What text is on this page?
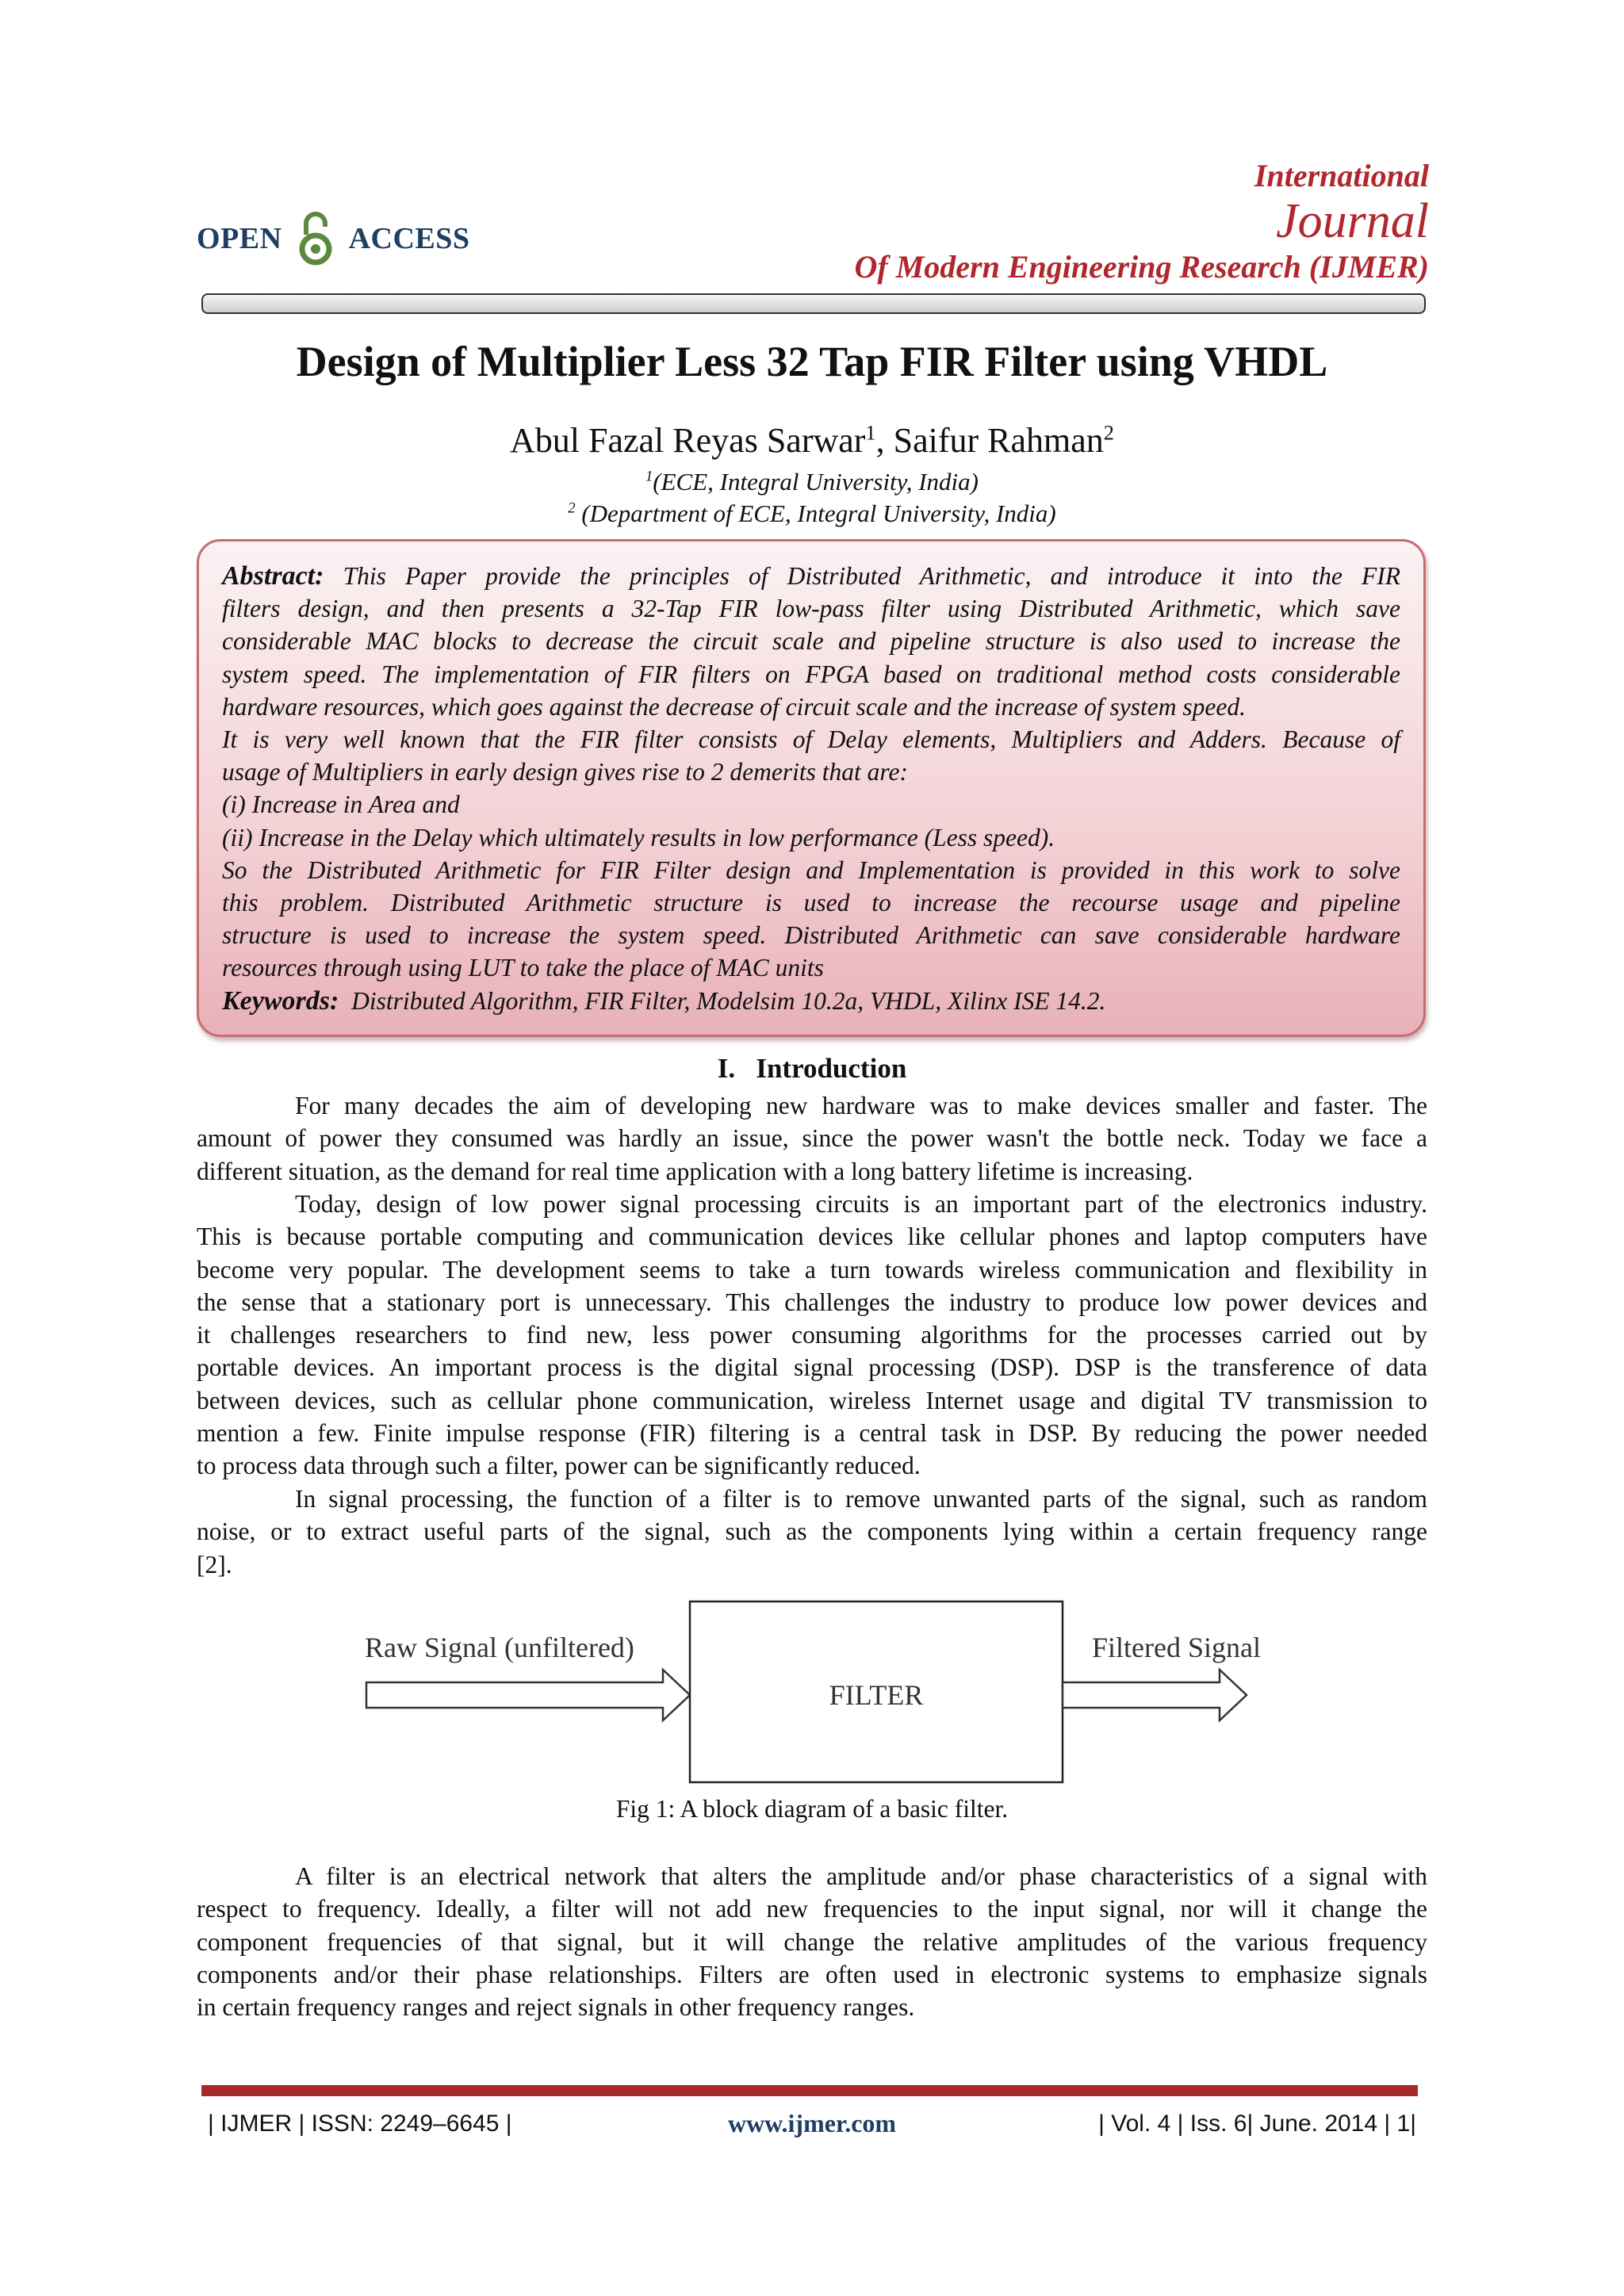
OPEN ACCESS
International
Journal
Of Modern Engineering Research (IJMER)
Design of Multiplier Less 32 Tap FIR Filter using VHDL
Abul Fazal Reyas Sarwar$^1$, Saifur Rahman$^2$
$^1$(ECE, Integral University, India)
$^2$ (Department of ECE, Integral University, India)
Abstract: This Paper provide the principles of Distributed Arithmetic, and introduce it into the FIR
filters design, and then presents a 32-Tap FIR low-pass filter using Distributed Arithmetic, which save
considerable MAC blocks to decrease the circuit scale and pipeline structure is also used to increase the
system speed. The implementation of FIR filters on FPGA based on traditional method costs considerable
hardware resources, which goes against the decrease of circuit scale and the increase of system speed.
It is very well known that the FIR filter consists of Delay elements, Multipliers and Adders. Because of
usage of Multipliers in early design gives rise to 2 demerits that are:
(i) Increase in Area and
(ii) Increase in the Delay which ultimately results in low performance (Less speed).
So the Distributed Arithmetic for FIR Filter design and Implementation is provided in this work to solve
this problem. Distributed Arithmetic structure is used to increase the recourse usage and pipeline
structure is used to increase the system speed. Distributed Arithmetic can save considerable hardware
resources through using LUT to take the place of MAC units
Keywords: Distributed Algorithm, FIR Filter, Modelsim 10.2a, VHDL, Xilinx ISE 14.2.
I. Introduction
For many decades the aim of developing new hardware was to make devices smaller and faster. The
amount of power they consumed was hardly an issue, since the power wasn't the bottle neck. Today we face a
different situation, as the demand for real time application with a long battery lifetime is increasing.
Today, design of low power signal processing circuits is an important part of the electronics industry.
This is because portable computing and communication devices like cellular phones and laptop computers have
become very popular. The development seems to take a turn towards wireless communication and flexibility in
the sense that a stationary port is unnecessary. This challenges the industry to produce low power devices and
it challenges researchers to find new, less power consuming algorithms for the processes carried out by
portable devices. An important process is the digital signal processing (DSP). DSP is the transference of data
between devices, such as cellular phone communication, wireless Internet usage and digital TV transmission to
mention a few. Finite impulse response (FIR) filtering is a central task in DSP. By reducing the power needed
to process data through such a filter, power can be significantly reduced.
In signal processing, the function of a filter is to remove unwanted parts of the signal, such as random
noise, or to extract useful parts of the signal, such as the components lying within a certain frequency range
[2].
Raw Signal (unfiltered)
FILTER
Filtered Signal
Fig 1: A block diagram of a basic filter.
A filter is an electrical network that alters the amplitude and/or phase characteristics of a signal with
respect to frequency. Ideally, a filter will not add new frequencies to the input signal, nor will it change the
component frequencies of that signal, but it will change the relative amplitudes of the various frequency
components and/or their phase relationships. Filters are often used in electronic systems to emphasize signals
in certain frequency ranges and reject signals in other frequency ranges.
| IJMER | ISSN: 2249–6645 |	www.ijmer.com	| Vol. 4 | Iss. 6| June. 2014 | 1|
